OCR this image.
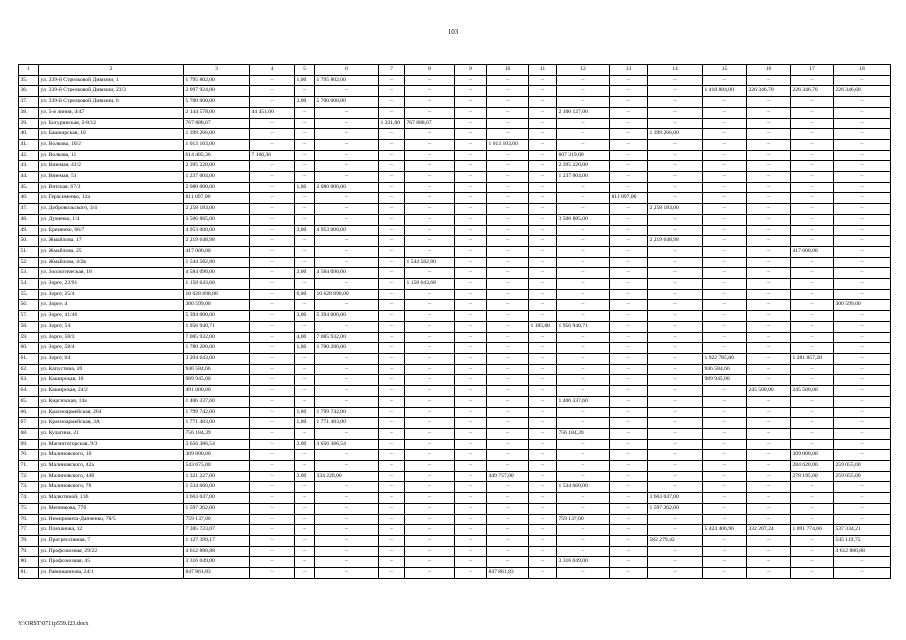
103
1	2	3	4	5	6	7	8	9	10	11	12	13	14	15	16	17	18
35.	ул. 339-й Стрелковой Дивизии, 1	1 795 802,00	–	1,00	1 795 802,00	–	–	–	–	–	–	–	–	–	–	–	–
36.	ул. 339-й Стрелковой Дивизии, 23/3	2 097 924,00	–	–	–	–	–	–	–	–	–	–	–	1 418 884,00	226 346,70	226 346,70	226 346,60
37.	ул. 339-й Стрелковой Дивизии, 6	5 700 000,00	–	3,00	5 700 000,00	–	–	–	–	–	–	–	–	–	–	–	–
38.	ул. 5-я линия, 4/47	2 144 578,00	44 451,00	–	–	–	–	–	–	–	2 100 127,00	–	–	–	–	–	–
39.	ул. Богуринская, 2-8/12	767 888,67	–	–	–	1 231,00	767 888,67	–	–	–	–	–	–	–	–	–	–
40.	ул. Башкирская, 10	1 399 266,00	–	–	–	–	–	–	–	–	–	–	1 399 266,00	–	–	–	–
41.	ул. Волкова, 10/2	1 013 103,00	–	–	–	–	–	–	1 013 103,00	–	–	–	–	–	–	–	–
42.	ул. Волкова, 11	614 485,36	7 166,36	–	–	–	–	–	–	–	607 319,00	–	–	–	–	–	–
43.	ул. Вяземая, 41/2	2 395 220,00	–	–	–	–	–	–	–	–	2 395 220,00	–	–	–	–	–	–
44.	ул. Вяземая, 51	1 237 004,00	–	–	–	–	–	–	–	–	1 237 004,00	–	–	–	–	–	–
45.	ул. Вятская, 67/3	2 080 000,00	–	1,00	2 080 000,00	–	–	–	–	–	–	–	–	–	–	–	–
46.	ул. Герасименко, 12а	811 097,00	–	–	–	–	–	–	–	–	–	811 097,00	–	–	–	–	–
47.	ул. Добровольского, 3/4	2 258 183,00	–	–	–	–	–	–	–	–	–	–	2 258 183,00	–	–	–	–
48.	ул. Думенко, 1/4	3 506 885,00	–	–	–	–	–	–	–	–	3 506 885,00	–	–	–	–	–	–
49.	ул. Еременко, 66/7	4 953 000,00	–	3,00	4 953 000,00	–	–	–	–	–	–	–	–	–	–	–	–
50.	ул. Жмайлова, 17	2 219 648,98	–	–	–	–	–	–	–	–	–	–	2 219 648,98	–	–	–	–
51.	ул. Жмайлова, 25	417 000,00	–	–	–	–	–	–	–	–	–	–	–	–	–	417 000,00	–
52.	ул. Жмайлова, 4/2в	1 544 582,80	–	–	–	–	1 544 582,80	–	–	–	–	–	–	–	–	–	–
53.	ул. Зоологическая, 18	4 584 090,00	–	2,00	4 584 090,00	–	–	–	–	–	–	–	–	–	–	–	–
54.	ул. Зорге, 22/91	1 158 643,68	–	–	–	–	1 158 643,68	–	–	–	–	–	–	–	–	–	–
55.	ул. Зорге, 25/4	10 628 898,00	–	6,00	10 628 898,00	–	–	–	–	–	–	–	–	–	–	–	–
56.	ул. Зорге, 4	300 599,00	–	–	–	–	–	–	–	–	–	–	–	–	–	–	300 599,00
57.	ул. Зорге, 41/46	5 394 000,00	–	3,00	5 394 000,00	–	–	–	–	–	–	–	–	–	–	–	–
58.	ул. Зорге, 54	1 956 940,71	–	–	–	–	–	–	–	1 185,00	1 956 940,71	–	–	–	–	–	–
59.	ул. Зорге, 58/3	7 085 932,00	–	4,00	7 085 932,00	–	–	–	–	–	–	–	–	–	–	–	–
60.	ул. Зорге, 58/4	1 780 280,00	–	1,00	1 780 280,00	–	–	–	–	–	–	–	–	–	–	–	–
61.	ул. Зорге, 64	3 204 643,00	–	–	–	–	–	–	–	–	–	–	–	1 922 785,80	–	1 281 857,20	–
62.	ул. Капустина, 20	946 584,66	–	–	–	–	–	–	–	–	–	–	–	946 584,66	–	–	–
63.	ул. Каширская, 10	989 945,00	–	–	–	–	–	–	–	–	–	–	–	989 945,00	–	–	–
64.	ул. Каширская, 24/2	491 000,00	–	–	–	–	–	–	–	–	–	–	–	–	245 500,00	245 500,00	–
65.	ул. Киргизская, 14а	1 406 337,60	–	–	–	–	–	–	–	–	1 406 337,60	–	–	–	–	–	–
66.	ул. Красноармейская, 264	1 799 742,00	–	1,00	1 799 742,00	–	–	–	–	–	–	–	–	–	–	–	–
67.	ул. Красноармейская, 3А	1 771 483,00	–	1,00	1 771 483,00	–	–	–	–	–	–	–	–	–	–	–	–
68.	ул. Кулагина, 21	756 184,39	–	–	–	–	–	–	–	–	756 184,39	–	–	–	–	–	–
69.	ул. Магнитогорская, 9/3	3 656 386,54	–	2,00	3 656 386,54	–	–	–	–	–	–	–	–	–	–	–	–
70.	ул. Малиновского, 10	309 000,00	–	–	–	–	–	–	–	–	–	–	–	–	–	309 000,00	–
71.	ул. Малиновского, 42а	543 675,00	–	–	–	–	–	–	–	–	–	–	–	–	–	284 620,00	259 055,00
72.	ул. Малиновского, 44б	1 321 227,00	–	2,00	334 220,00	–	–	–	449 757,00	–	–	–	–	–	–	278 195,00	259 055,00
73.	ул. Малиновского, 78	1 534 660,00	–	–	–	–	–	–	–	–	1 534 660,00	–	–	–	–	–	–
74.	ул. Малютиной, 136	3 663 047,00	–	–	–	–	–	–	–	–	–	–	3 663 047,00	–	–	–	–
75.	ул. Мечникова, 77б	1 597 362,00	–	–	–	–	–	–	–	–	–	–	1 597 362,00	–	–	–	–
76.	ул. Немировича-Данченко, 78/5	759 137,00	–	–	–	–	–	–	–	–	759 137,00	–	–	–	–	–	–
77.	ул. Плеханова, 12	7 385 723,07	–	–	–	–	–	–	–	–	–	–	–	5 424 406,96	332 207,24	1 091 774,66	537 334,21
78.	ул. Прогрессивная, 7	1 127 399,17	–	–	–	–	–	–	–	–	–	–	582 279,42	–	–	–	545 119,75
79.	ул. Профсоюзная, 29/22	4 612 880,88	–	–	–	–	–	–	–	–	–	–	–	–	–	–	4 612 880,88
80.	ул. Профсоюзная, 45	3 316 049,00	–	–	–	–	–	–	–	–	3 316 049,00	–	–	–	–	–	–
81.	ул. Равиншинова, 24/1	847 861,83	–	–	–	–	–	–	847 861,83	–	–	–	–	–	–	–	–
Y:\ORST\0711p559.f23.docx
